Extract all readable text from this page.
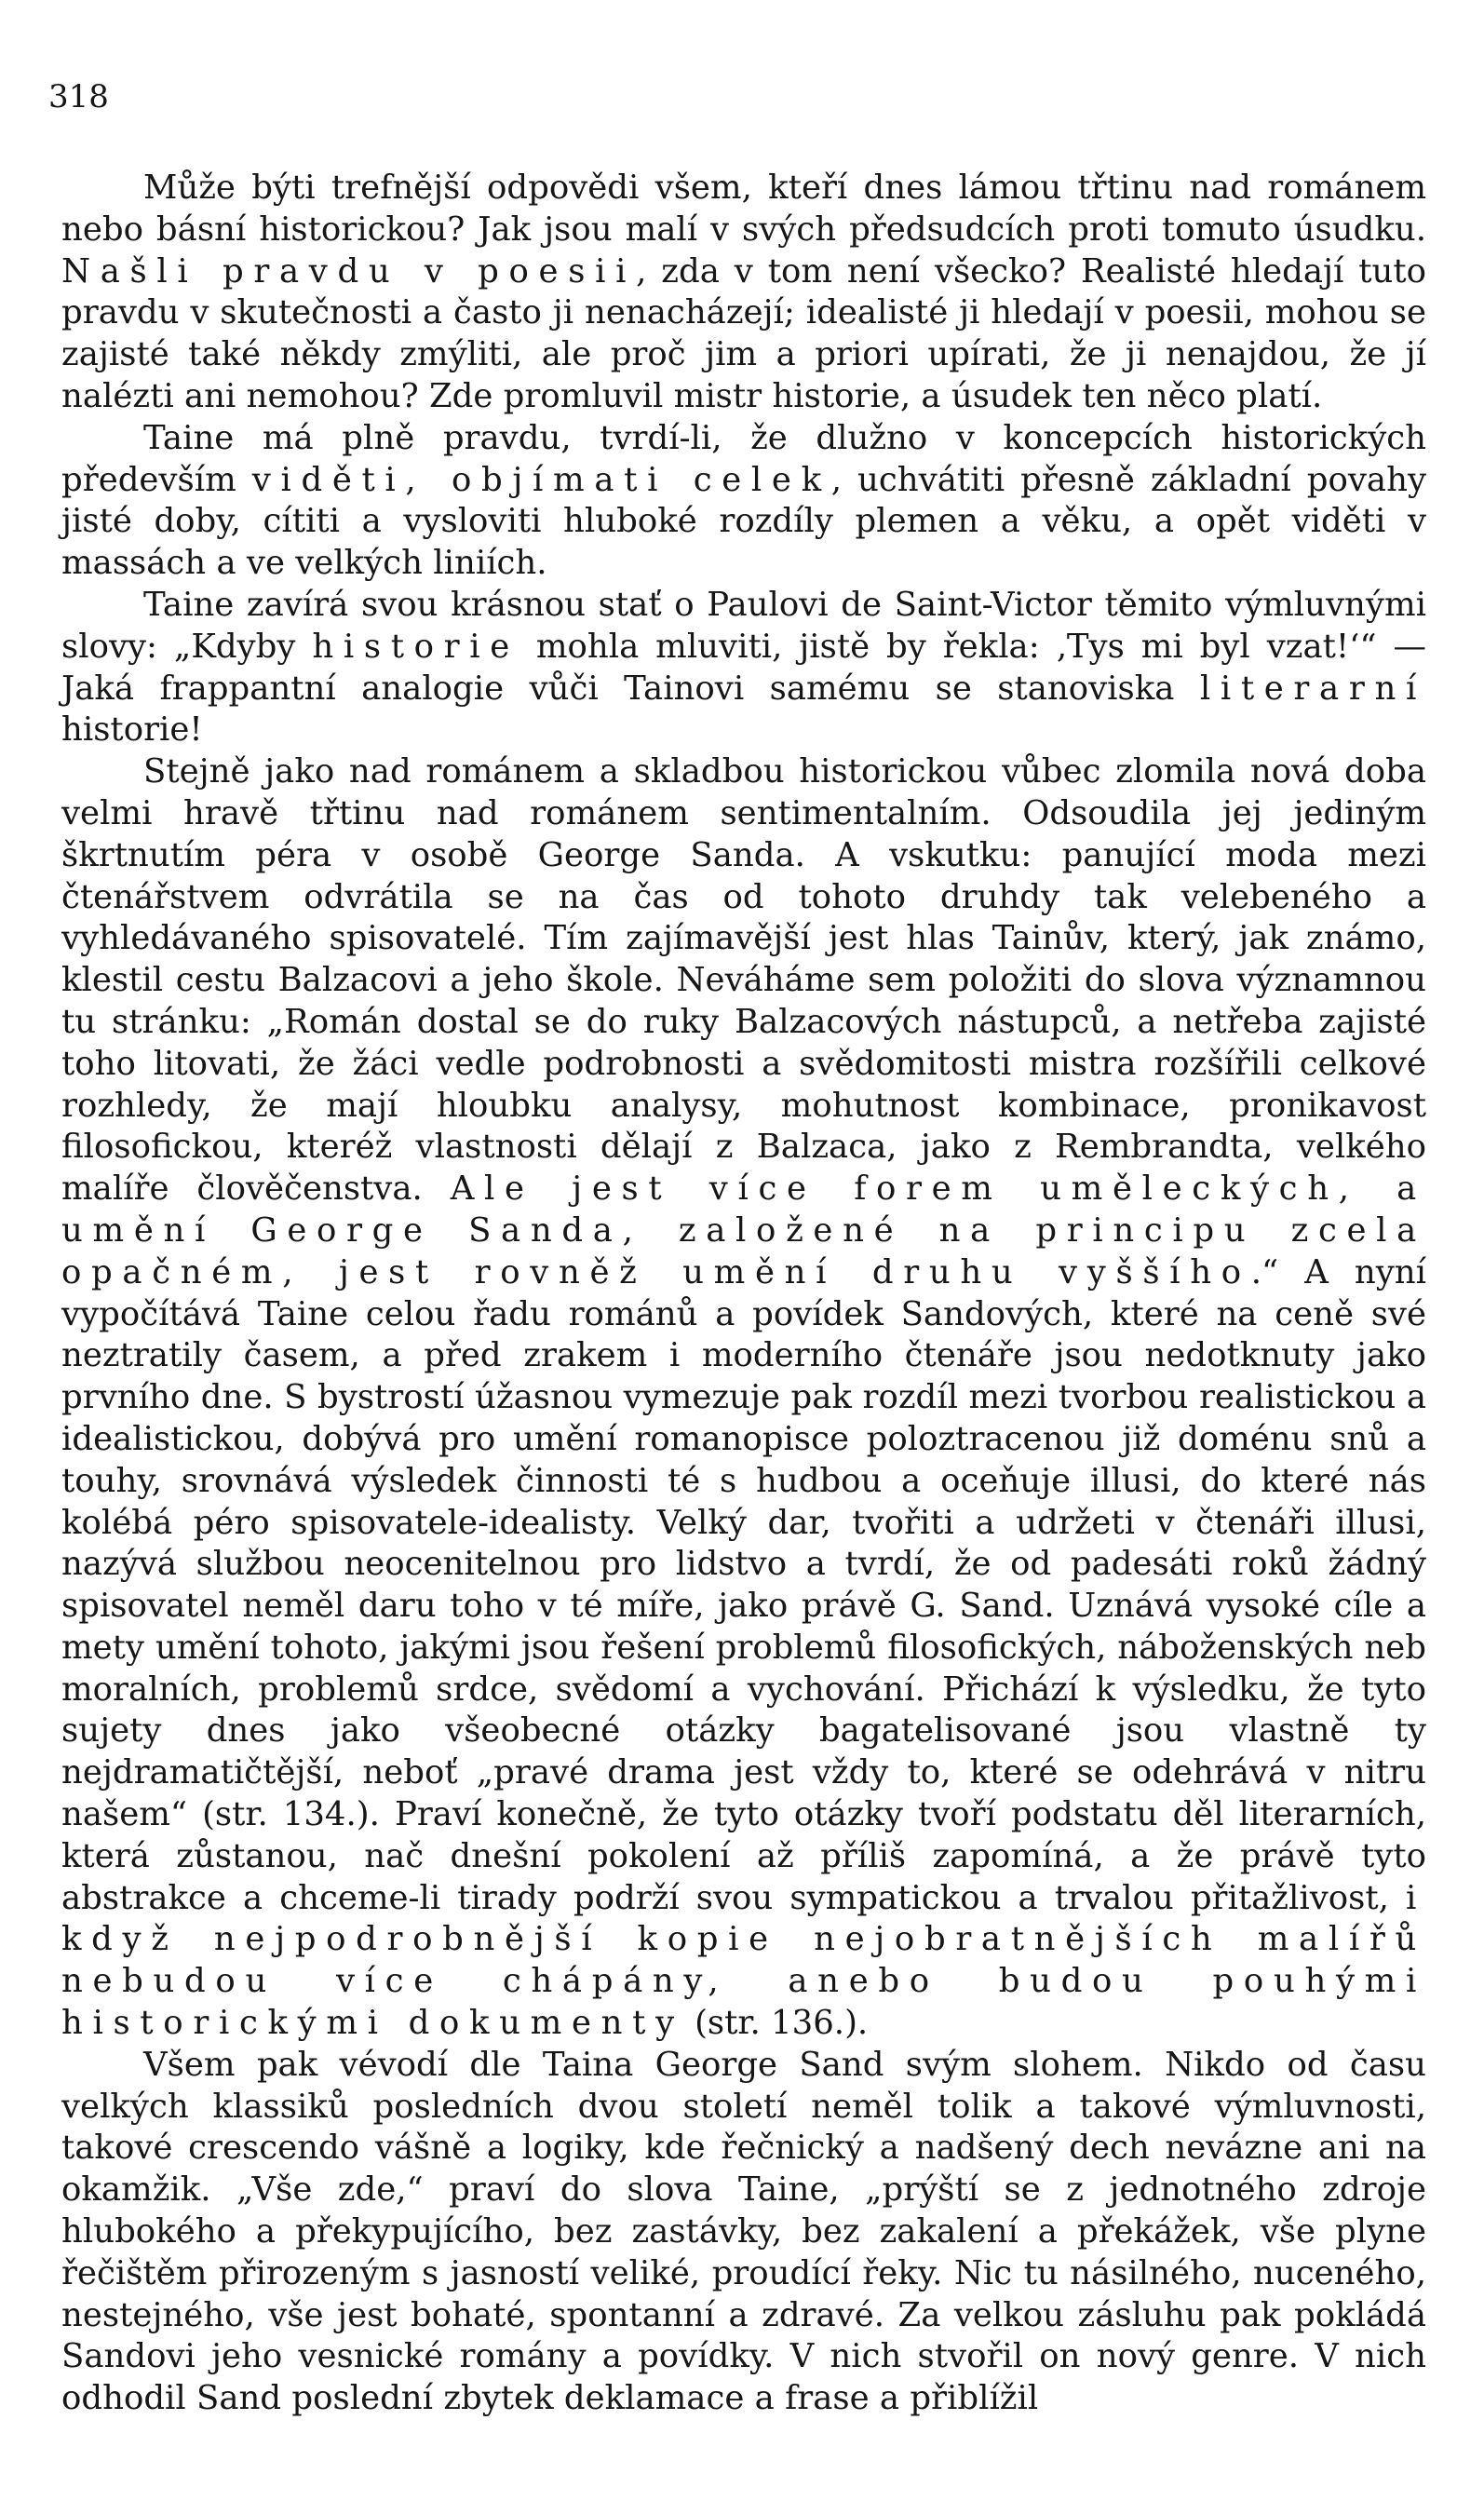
318

Může býti trefnější odpovědi všem, kteří dnes lámou třtinu nad románem nebo básní historickou? Jak jsou malí v svých předsudcích proti tomuto úsudku. Našli pravdu v poesii, zda v tom není všecko? Realisté hledají tuto pravdu v skutečnosti a často ji nenacházejí; idealisté ji hledají v poesii, mohou se zajisté také někdy zmýliti, ale proč jim a priori upírati, že ji nenajdou, že jí nalézti ani nemohou? Zde promluvil mistr historie, a úsudek ten něco platí.

Taine má plně pravdu, tvrdí-li, že dlužno v koncepcích historických především viděti, objímati celek, uchvátiti přesně základní povahy jisté doby, cítiti a vysloviti hluboké rozdíly plemen a věku, a opět viděti v massách a ve velkých liniích.

Taine zavírá svou krásnou stať o Paulovi de Saint-Victor těmito výmluvnými slovy: „Kdyby historie mohla mluviti, jistě by řekla: ‚Tys mi byl vzat!‘“ — Jaká frappantní analogie vůči Tainovi samému se stanoviska literarní historie!

Stejně jako nad románem a skladbou historickou vůbec zlomila nová doba velmi hravě třtinu nad románem sentimentalním. Odsoudila jej jediným škrtnutím péra v osobě George Sanda. A vskutku: panující moda mezi čtenářstvem odvrátila se na čas od tohoto druhdy tak velebeného a vyhledávaného spisovatelé. Tím zajímavější jest hlas Tainův, který, jak známo, klestil cestu Balzacovi a jeho škole. Neváháme sem položiti do slova významnou tu stránku: „Román dostal se do ruky Balzacových nástupců, a netřeba zajisté toho litovati, že žáci vedle podrobnosti a svědomitosti mistra rozšířili celkové rozhledy, že mají hloubku analysy, mohutnost kombinace, pronikavost filosofickou, kteréž vlastnosti dělají z Balzaca, jako z Rembrandta, velkého malíře člověčenstva. Ale jest více forem uměleckých, a umění George Sanda, založené na principu zcela opačném, jest rovněž umění druhu vyššího.“ A nyní vypočítává Taine celou řadu románů a povídek Sandových, které na ceně své neztratily časem, a před zrakem i moderního čtenáře jsou nedotknuty jako prvního dne. S bystrostí úžasnou vymezuje pak rozdíl mezi tvorbou realistickou a idealistickou, dobývá pro umění romanopisce poloztracenou již doménu snů a touhy, srovnává výsledek činnosti té s hudbou a oceňuje illusi, do které nás kolébá péro spisovatele-idealisty. Velký dar, tvořiti a udržeti v čtenáři illusi, nazývá službou neocenitelnou pro lidstvo a tvrdí, že od padesáti roků žádný spisovatel neměl daru toho v té míře, jako právě G. Sand. Uznává vysoké cíle a mety umění tohoto, jakými jsou řešení problemů filosofických, náboženských neb moralních, problemů srdce, svědomí a vychování. Přichází k výsledku, že tyto sujety dnes jako všeobecné otázky bagatelisované jsou vlastně ty nejdramatičtější, neboť „pravé drama jest vždy to, které se odehrává v nitru našem“ (str. 134.). Praví konečně, že tyto otázky tvoří podstatu děl literarních, která zůstanou, nač dnešní pokolení až příliš zapomíná, a že právě tyto abstrakce a chceme-li tirady podrží svou sympatickou a trvalou přitažlivost, i když nejpodrobnější kopie nejobratnějších malířů nebudou více chápány, anebo budou pouhými historickými dokumenty (str. 136.).

Všem pak vévodí dle Taina George Sand svým slohem. Nikdo od času velkých klassiků posledních dvou století neměl tolik a takové výmluvnosti, takové crescendo vášně a logiky, kde řečnický a nadšený dech neváznе ani na okamžik. „Vše zde,“ praví do slova Taine, „prýští se z jednotného zdroje hlubokého a překypujícího, bez zastávky, bez zakalení a překážek, vše plyne řečištěm přirozeným s jasností veliké, proudící řeky. Nic tu násilného, nuceného, nestejného, vše jest bohaté, spontanní a zdravé. Za velkou zásluhu pak pokládá Sandovi jeho vesnické romány a povídky. V nich stvořil on nový genre. V nich odhodil Sand poslední zbytek deklamace a frase a přiblížil
